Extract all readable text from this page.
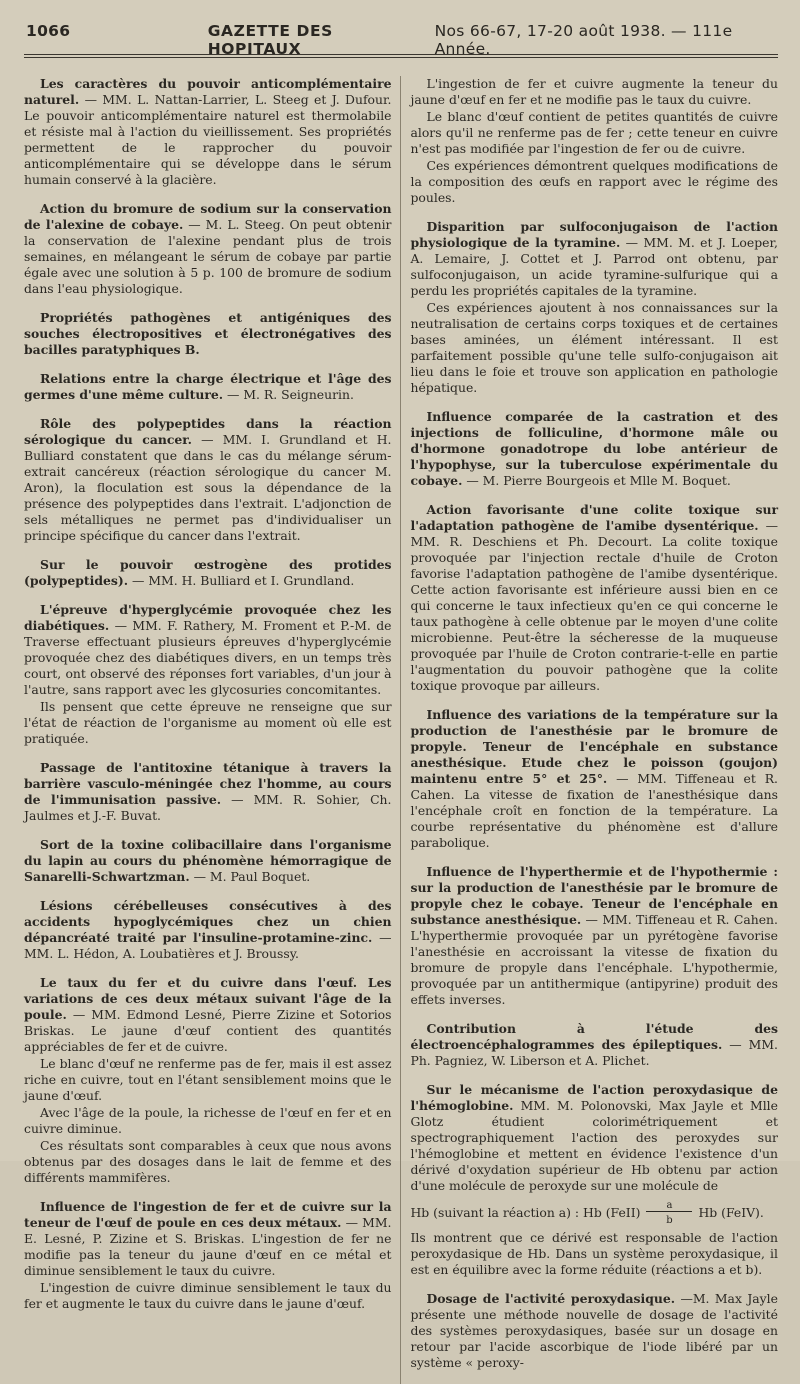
1066	GAZETTE DES HOPITAUX
Nos 66-67, 17-20 août 1938. — 111e Année.

Les caractères du pouvoir anticomplémentaire naturel. — MM. L. Nattan-Larrier, L. Steeg et J. Dufour. Le pouvoir anticomplémentaire naturel est thermolabile et résiste mal à l'action du vieillissement. Ses propriétés permettent de le rapprocher du pouvoir anticomplémentaire qui se développe dans le sérum humain conservé à la glacière.

Action du bromure de sodium sur la conservation de l'alexine de cobaye. — M. L. Steeg. On peut obtenir la conservation de l'alexine pendant plus de trois semaines, en mélangeant le sérum de cobaye par partie égale avec une solution à 5 p. 100 de bromure de sodium dans l'eau physiologique.

Propriétés pathogènes et antigéniques des souches électropositives et électronégatives des bacilles paratyphiques B.

Relations entre la charge électrique et l'âge des germes d'une même culture. — M. R. Seigneurin.

Rôle des polypeptides dans la réaction sérologique du cancer. — MM. I. Grundland et H. Bulliard constatent que dans le cas du mélange sérum-extrait cancéreux (réaction sérologique du cancer M. Aron), la floculation est sous la dépendance de la présence des polypeptides dans l'extrait. L'adjonction de sels métalliques ne permet pas d'individualiser un principe spécifique du cancer dans l'extrait.

Sur le pouvoir œstrogène des protides (polypeptides). — MM. H. Bulliard et I. Grundland.

L'épreuve d'hyperglycémie provoquée chez les diabétiques. — MM. F. Rathery, M. Froment et P.-M. de Traverse effectuant plusieurs épreuves d'hyperglycémie provoquée chez des diabétiques divers, en un temps très court, ont observé des réponses fort variables, d'un jour à l'autre, sans rapport avec les glycosuries concomitantes.

Ils pensent que cette épreuve ne renseigne que sur l'état de réaction de l'organisme au moment où elle est pratiquée.

Passage de l'antitoxine tétanique à travers la barrière vasculo-méningée chez l'homme, au cours de l'immunisation passive. — MM. R. Sohier, Ch. Jaulmes et J.-F. Buvat.

Sort de la toxine colibacillaire dans l'organisme du lapin au cours du phénomène hémorragique de Sanarelli-Schwartzman. — M. Paul Boquet.

Lésions cérébelleuses consécutives à des accidents hypoglycémiques chez un chien dépancréaté traité par l'insuline-protamine-zinc. — MM. L. Hédon, A. Loubatières et J. Broussy.

Le taux du fer et du cuivre dans l'œuf. Les variations de ces deux métaux suivant l'âge de la poule. — MM. Edmond Lesné, Pierre Zizine et Sotorios Briskas. Le jaune d'œuf contient des quantités appréciables de fer et de cuivre.

Le blanc d'œuf ne renferme pas de fer, mais il est assez riche en cuivre, tout en l'étant sensiblement moins que le jaune d'œuf.

Avec l'âge de la poule, la richesse de l'œuf en fer et en cuivre diminue.

Ces résultats sont comparables à ceux que nous avons obtenus par des dosages dans le lait de femme et des différents mammifères.

Influence de l'ingestion de fer et de cuivre sur la teneur de l'œuf de poule en ces deux métaux. — MM. E. Lesné, P. Zizine et S. Briskas. L'ingestion de fer ne modifie pas la teneur du jaune d'œuf en ce métal et diminue sensiblement le taux du cuivre.

L'ingestion de cuivre diminue sensiblement le taux du fer et augmente le taux du cuivre dans le jaune d'œuf.

L'ingestion de fer et cuivre augmente la teneur du jaune d'œuf en fer et ne modifie pas le taux du cuivre.

Le blanc d'œuf contient de petites quantités de cuivre alors qu'il ne renferme pas de fer ; cette teneur en cuivre n'est pas modifiée par l'ingestion de fer ou de cuivre.

Ces expériences démontrent quelques modifications de la composition des œufs en rapport avec le régime des poules.

Disparition par sulfoconjugaison de l'action physiologique de la tyramine. — MM. M. et J. Loeper, A. Lemaire, J. Cottet et J. Parrod ont obtenu, par sulfoconjugaison, un acide tyramine-sulfurique qui a perdu les propriétés capitales de la tyramine.

Ces expériences ajoutent à nos connaissances sur la neutralisation de certains corps toxiques et de certaines bases aminées, un élément intéressant. Il est parfaitement possible qu'une telle sulfo-conjugaison ait lieu dans le foie et trouve son application en pathologie hépatique.

Influence comparée de la castration et des injections de folliculine, d'hormone mâle ou d'hormone gonadotrope du lobe antérieur de l'hypophyse, sur la tuberculose expérimentale du cobaye. — M. Pierre Bourgeois et Mlle M. Boquet.

Action favorisante d'une colite toxique sur l'adaptation pathogène de l'amibe dysentérique. — MM. R. Deschiens et Ph. Decourt. La colite toxique provoquée par l'injection rectale d'huile de Croton favorise l'adaptation pathogène de l'amibe dysentérique. Cette action favorisante est inférieure aussi bien en ce qui concerne le taux infectieux qu'en ce qui concerne le taux pathogène à celle obtenue par le moyen d'une colite microbienne. Peut-être la sécheresse de la muqueuse provoquée par l'huile de Croton contrarie-t-elle en partie l'augmentation du pouvoir pathogène que la colite toxique provoque par ailleurs.

Influence des variations de la température sur la production de l'anesthésie par le bromure de propyle. Teneur de l'encéphale en substance anesthésique. Etude chez le poisson (goujon) maintenu entre 5° et 25°. — MM. Tiffeneau et R. Cahen. La vitesse de fixation de l'anesthésique dans l'encéphale croît en fonction de la température. La courbe représentative du phénomène est d'allure parabolique.

Influence de l'hyperthermie et de l'hypothermie : sur la production de l'anesthésie par le bromure de propyle chez le cobaye. Teneur de l'encéphale en substance anesthésique. — MM. Tiffeneau et R. Cahen. L'hyperthermie provoquée par un pyrétogène favorise l'anesthésie en accroissant la vitesse de fixation du bromure de propyle dans l'encéphale. L'hypothermie, provoquée par un antithermique (antipyrine) produit des effets inverses.

Contribution à l'étude des électroencéphalogrammes des épileptiques. — MM. Ph. Pagniez, W. Liberson et A. Plichet.

Sur le mécanisme de l'action peroxydasique de l'hémoglobine. MM. M. Polonovski, Max Jayle et Mlle Glotz étudient colorimétriquement et spectrographiquement l'action des peroxydes sur l'hémoglobine et mettent en évidence l'existence d'un dérivé d'oxydation supérieur de Hb obtenu par action d'une molécule de peroxyde sur une molécule de

Hb (suivant la réaction a) : Hb (FeII)	a
b
Hb (FeIV).

Ils montrent que ce dérivé est responsable de l'action peroxydasique de Hb. Dans un système peroxydasique, il est en équilibre avec la forme réduite (réactions a et b).

Dosage de l'activité peroxydasique. —M. Max Jayle présente une méthode nouvelle de dosage de l'activité des systèmes peroxydasiques, basée sur un dosage en retour par l'acide ascorbique de l'iode libéré par un système « peroxy-
